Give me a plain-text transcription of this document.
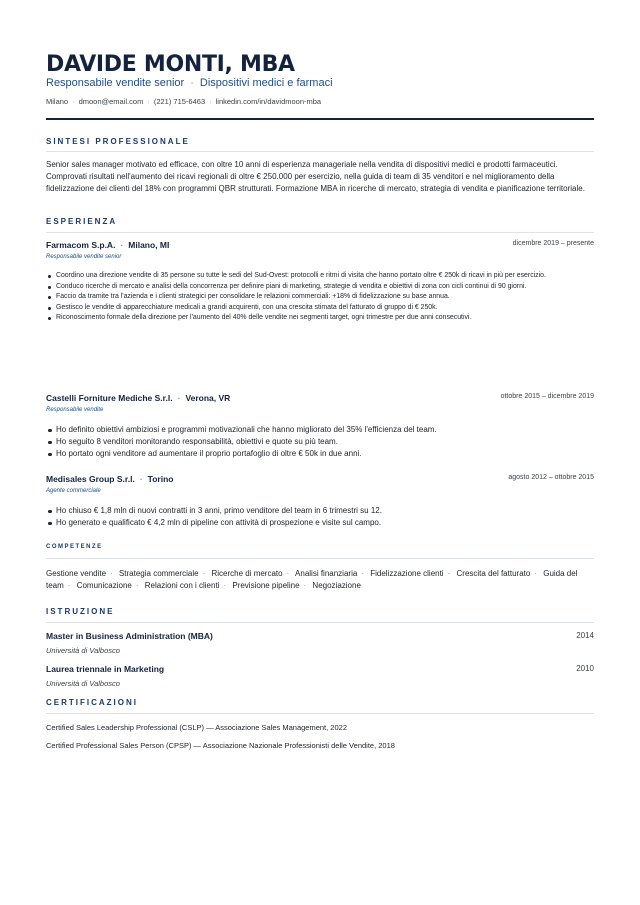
DAVIDE MONTI, MBA
Responsabile vendite senior · Dispositivi medici e farmaci
Milano · dmoon@email.com · (221) 715-6463 · linkedin.com/in/davidmoon-mba
SINTESI PROFESSIONALE
Senior sales manager motivato ed efficace, con oltre 10 anni di esperienza manageriale nella vendita di dispositivi medici e prodotti farmaceutici. Comprovati risultati nell'aumento dei ricavi regionali di oltre € 250.000 per esercizio, nella guida di team di 35 venditori e nel miglioramento della fidelizzazione dei clienti del 18% con programmi QBR strutturati. Formazione MBA in ricerche di mercato, strategia di vendita e pianificazione territoriale.
ESPERIENZA
Farmacom S.p.A. · Milano, MI	dicembre 2019 – presente
Responsabile vendite senior
Coordino una direzione vendite di 35 persone su tutte le sedi del Sud-Ovest: protocolli e ritmi di visita che hanno portato oltre € 250k di ricavi in più per esercizio.
Conduco ricerche di mercato e analisi della concorrenza per definire piani di marketing, strategie di vendita e obiettivi di zona con cicli continui di 90 giorni.
Faccio da tramite tra l'azienda e i clienti strategici per consolidare le relazioni commerciali: +18% di fidelizzazione su base annua.
Gestisco le vendite di apparecchiature medicali a grandi acquirenti, con una crescita stimata del fatturato di gruppo di € 250k.
Riconoscimento formale della direzione per l'aumento del 40% delle vendite nei segmenti target, ogni trimestre per due anni consecutivi.
Castelli Forniture Mediche S.r.l. · Verona, VR	ottobre 2015 – dicembre 2019
Responsabile vendite
Ho definito obiettivi ambiziosi e programmi motivazionali che hanno migliorato del 35% l'efficienza del team.
Ho seguito 8 venditori monitorando responsabilità, obiettivi e quote su più team.
Ho portato ogni venditore ad aumentare il proprio portafoglio di oltre € 50k in due anni.
Medisales Group S.r.l. · Torino	agosto 2012 – ottobre 2015
Agente commerciale
Ho chiuso € 1,8 mln di nuovi contratti in 3 anni, primo venditore del team in 6 trimestri su 12.
Ho generato e qualificato € 4,2 mln di pipeline con attività di prospezione e visite sul campo.
COMPETENZE
Gestione vendite · Strategia commerciale · Ricerche di mercato · Analisi finanziaria · Fidelizzazione clienti · Crescita del fatturato · Guida del team · Comunicazione · Relazioni con i clienti · Previsione pipeline · Negoziazione
ISTRUZIONE
Master in Business Administration (MBA)	2014
Università di Valbosco
Laurea triennale in Marketing	2010
Università di Valbosco
CERTIFICAZIONI
Certified Sales Leadership Professional (CSLP) — Associazione Sales Management, 2022
Certified Professional Sales Person (CPSP) — Associazione Nazionale Professionisti delle Vendite, 2018
